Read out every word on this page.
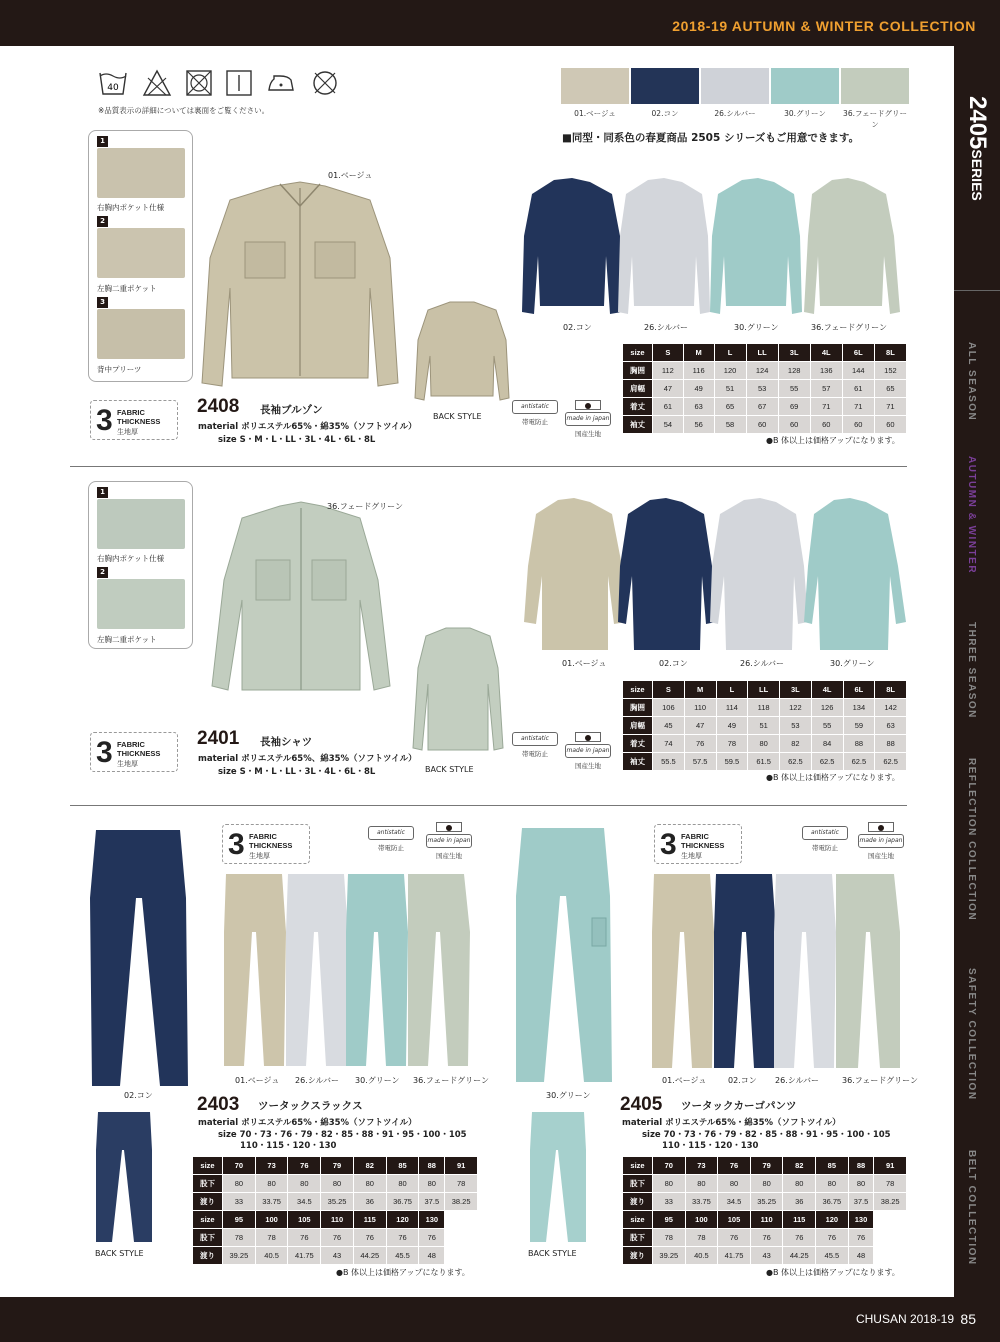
2018-19 AUTUMN & WINTER COLLECTION
CHUSAN 2018-19 85
2405SERIES
ALL SEASON
AUTUMN & WINTER
THREE SEASON
REFLECTION COLLECTION
SAFETY COLLECTION
BELT COLLECTION
40
※品質表示の詳細については裏面をご覧ください。	01.ベージュ	02.コン	26.シルバー	30.グリーン	36.フェードグリーン
■同型・同系色の春夏商品 2505 シリーズもご用意できます。
1
右胸内ポケット仕様
2
左胸二重ポケット
3
背中プリーツ
01.ベージュ
BACK STYLE
3 FABRIC
THICKNESS
生地厚
2408 長袖ブルゾン
material ポリエステル65%・綿35%（ソフトツイル）
size S・M・L・LL・3L・4L・6L・8L
antistatic
帯電防止	made in japan
国産生地
02.コン	26.シルバー	30.グリーン	36.フェードグリーン
size	S	M	L	LL	3L	4L	6L	8L
胸囲	112	116	120	124	128	136	144	152
肩幅	47	49	51	53	55	57	61	65
着丈	61	63	65	67	69	71	71	71
袖丈	54	56	58	60	60	60	60	60
●B 体以上は価格アップになります。
1
右胸内ポケット仕様
2
左胸二重ポケット
36.フェードグリーン
BACK STYLE
3 FABRIC
THICKNESS
生地厚
2401 長袖シャツ
material ポリエステル65%、綿35%（ソフトツイル）
size S・M・L・LL・3L・4L・6L・8L
antistatic
帯電防止	made in japan
国産生地
01.ベージュ	02.コン	26.シルバー	30.グリーン
size	S	M	L	LL	3L	4L	6L	8L
胸囲	106	110	114	118	122	126	134	142
肩幅	45	47	49	51	53	55	59	63
着丈	74	76	78	80	82	84	88	88
袖丈	55.5	57.5	59.5	61.5	62.5	62.5	62.5	62.5
●B 体以上は価格アップになります。
02.コン
BACK STYLE
3 FABRIC
THICKNESS
生地厚
antistatic
帯電防止
made in japan
国産生地
01.ベージュ 26.シルバー 30.グリーン 36.フェードグリーン
2403 ツータックスラックス
material ポリエステル65%・綿35%（ソフトツイル）
size 70・73・76・79・82・85・88・91・95・100・105
110・115・120・130
size	70	73	76	79	82	85	88	91
股下	80	80	80	80	80	80	80	78
渡り	33	33.75	34.5	35.25	36	36.75	37.5	38.25
size	95	100	105	110	115	120	130	
股下	78	78	76	76	76	76	76	
渡り	39.25	40.5	41.75	43	44.25	45.5	48	
●B 体以上は価格アップになります。
30.グリーン
BACK STYLE
3 FABRIC
THICKNESS
生地厚
antistatic
帯電防止
made in japan
国産生地
01.ベージュ	02.コン 26.シルバー	36.フェードグリーン
2405 ツータックカーゴパンツ
material ポリエステル65%・綿35%（ソフトツイル）
size 70・73・76・79・82・85・88・91・95・100・105
110・115・120・130
size	70	73	76	79	82	85	88	91
股下	80	80	80	80	80	80	80	78
渡り	33	33.75	34.5	35.25	36	36.75	37.5	38.25
size	95	100	105	110	115	120	130	
股下	78	78	76	76	76	76	76	
渡り	39.25	40.5	41.75	43	44.25	45.5	48	
●B 体以上は価格アップになります。
